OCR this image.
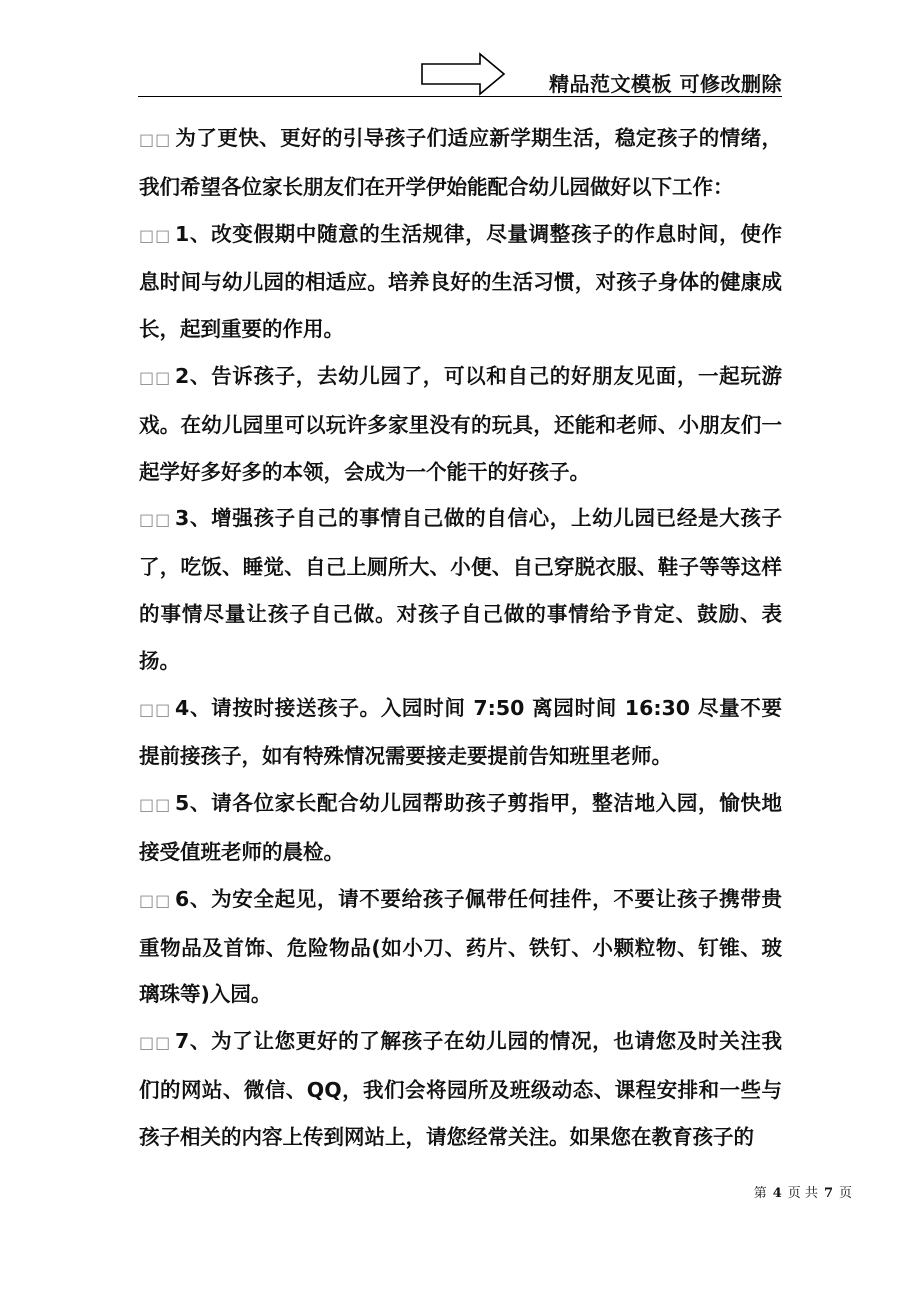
精品范文模板 可修改删除

□□ 为了更快、更好的引导孩子们适应新学期生活，稳定孩子的情绪，我们希望各位家长朋友们在开学伊始能配合幼儿园做好以下工作：

□□ 1、改变假期中随意的生活规律，尽量调整孩子的作息时间，使作息时间与幼儿园的相适应。培养良好的生活习惯，对孩子身体的健康成长，起到重要的作用。

□□ 2、告诉孩子，去幼儿园了，可以和自己的好朋友见面，一起玩游戏。在幼儿园里可以玩许多家里没有的玩具，还能和老师、小朋友们一起学好多好多的本领，会成为一个能干的好孩子。

□□ 3、增强孩子自己的事情自己做的自信心，上幼儿园已经是大孩子了，吃饭、睡觉、自己上厕所大、小便、自己穿脱衣服、鞋子等等这样的事情尽量让孩子自己做。对孩子自己做的事情给予肯定、鼓励、表扬。

□□ 4、请按时接送孩子。入园时间 7:50 离园时间 16:30 尽量不要提前接孩子，如有特殊情况需要接走要提前告知班里老师。

□□ 5、请各位家长配合幼儿园帮助孩子剪指甲，整洁地入园，愉快地接受值班老师的晨检。

□□ 6、为安全起见，请不要给孩子佩带任何挂件，不要让孩子携带贵重物品及首饰、危险物品(如小刀、药片、铁钉、小颗粒物、钉锥、玻璃珠等)入园。

□□ 7、为了让您更好的了解孩子在幼儿园的情况，也请您及时关注我们的网站、微信、QQ，我们会将园所及班级动态、课程安排和一些与孩子相关的内容上传到网站上，请您经常关注。如果您在教育孩子的

第 4 页 共 7 页
